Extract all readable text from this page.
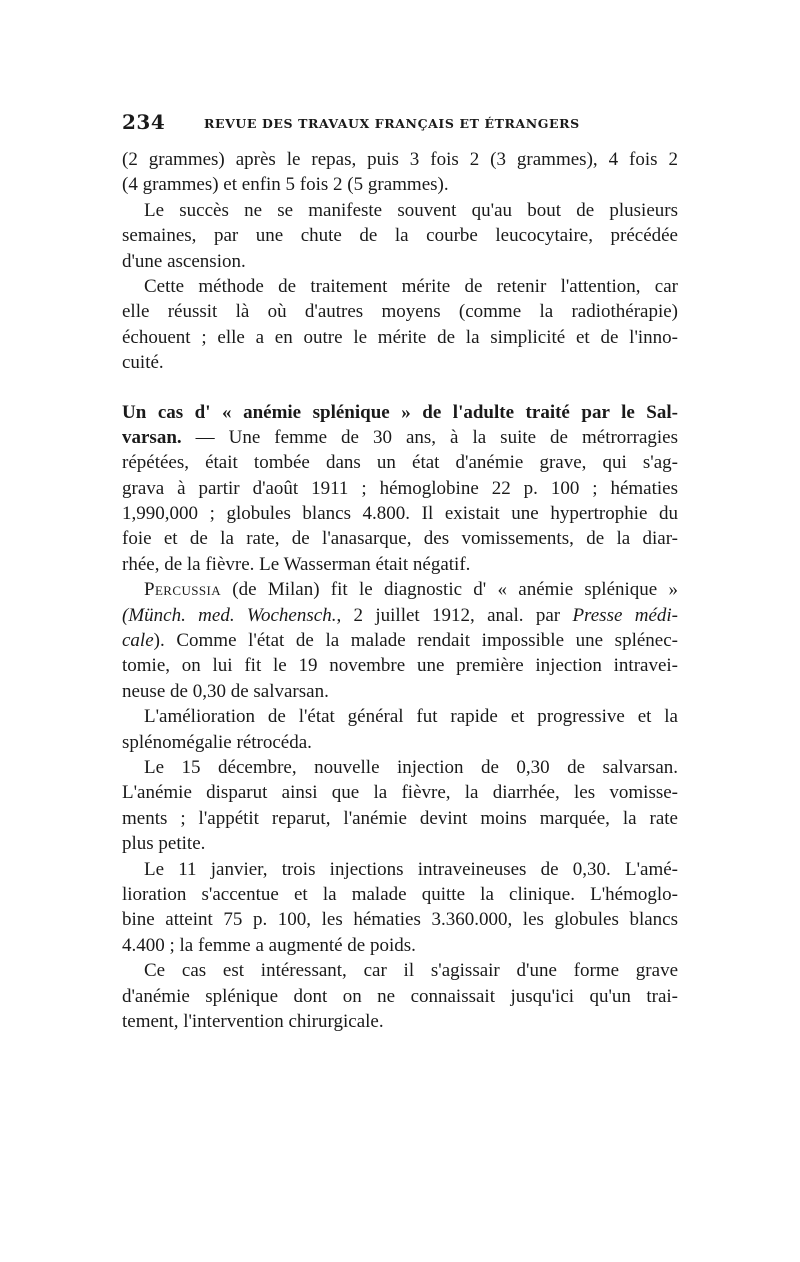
234	REVUE DES TRAVAUX FRANÇAIS ET ÉTRANGERS
(2 grammes) après le repas, puis 3 fois 2 (3 grammes), 4 fois 2
(4 grammes) et enfin 5 fois 2 (5 grammes).
Le succès ne se manifeste souvent qu'au bout de plusieurs
semaines, par une chute de la courbe leucocytaire, précédée
d'une ascension.
Cette méthode de traitement mérite de retenir l'attention, car
elle réussit là où d'autres moyens (comme la radiothérapie)
échouent ; elle a en outre le mérite de la simplicité et de l'inno-
cuité.
Un cas d' « anémie splénique » de l'adulte traité par le Sal-
varsan. — Une femme de 30 ans, à la suite de métrorragies
répétées, était tombée dans un état d'anémie grave, qui s'ag-
grava à partir d'août 1911 ; hémoglobine 22 p. 100 ; hématies
1,990,000 ; globules blancs 4.800. Il existait une hypertrophie du
foie et de la rate, de l'anasarque, des vomissements, de la diar-
rhée, de la fièvre. Le Wasserman était négatif.
Percussia (de Milan) fit le diagnostic d' « anémie splénique »
(Münch. med. Wochensch., 2 juillet 1912, anal. par Presse médi-
cale). Comme l'état de la malade rendait impossible une splénec-
tomie, on lui fit le 19 novembre une première injection intravei-
neuse de 0,30 de salvarsan.
L'amélioration de l'état général fut rapide et progressive et la
splénomégalie rétrocéda.
Le 15 décembre, nouvelle injection de 0,30 de salvarsan.
L'anémie disparut ainsi que la fièvre, la diarrhée, les vomisse-
ments ; l'appétit reparut, l'anémie devint moins marquée, la rate
plus petite.
Le 11 janvier, trois injections intraveineuses de 0,30. L'amé-
lioration s'accentue et la malade quitte la clinique. L'hémoglo-
bine atteint 75 p. 100, les hématies 3.360.000, les globules blancs
4.400 ; la femme a augmenté de poids.
Ce cas est intéressant, car il s'agissair d'une forme grave
d'anémie splénique dont on ne connaissait jusqu'ici qu'un trai-
tement, l'intervention chirurgicale.
